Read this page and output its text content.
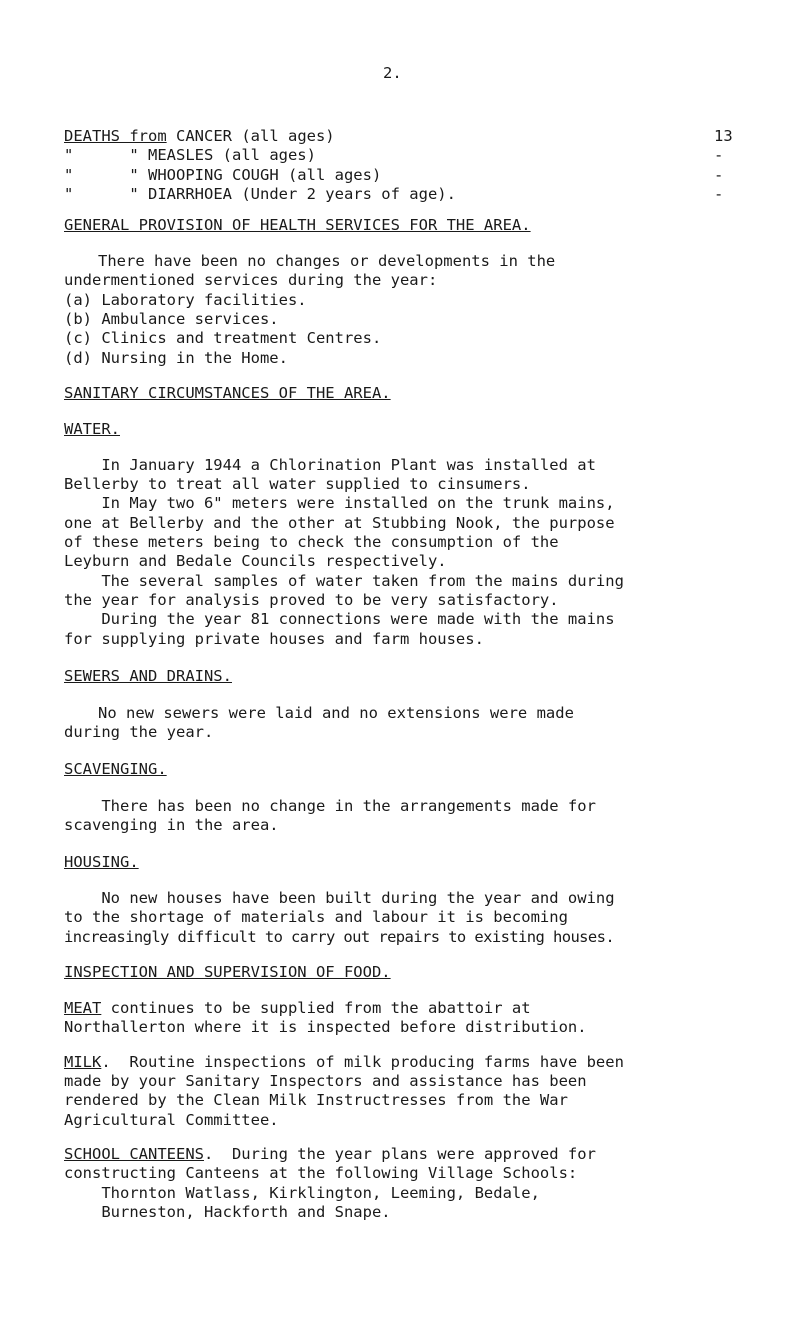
2.
DEATHS from CANCER (all ages)	13
"      " MEASLES (all ages)	-
"      " WHOOPING COUGH (all ages)	-
"      " DIARRHOEA (Under 2 years of age).	-
GENERAL PROVISION OF HEALTH SERVICES FOR THE AREA.
There have been no changes or developments in the
undermentioned services during the year:
(a) Laboratory facilities.
(b) Ambulance services.
(c) Clinics and treatment Centres.
(d) Nursing in the Home.
SANITARY CIRCUMSTANCES OF THE AREA.
WATER.
In January 1944 a Chlorination Plant was installed at
Bellerby to treat all water supplied to cinsumers.
In May two 6" meters were installed on the trunk mains,
one at Bellerby and the other at Stubbing Nook, the purpose
of these meters being to check the consumption of the
Leyburn and Bedale Councils respectively.
The several samples of water taken from the mains during
the year for analysis proved to be very satisfactory.
During the year 81 connections were made with the mains
for supplying private houses and farm houses.
SEWERS AND DRAINS.
No new sewers were laid and no extensions were made
during the year.
SCAVENGING.
There has been no change in the arrangements made for
scavenging in the area.
HOUSING.
No new houses have been built during the year and owing
to the shortage of materials and labour it is becoming
increasingly difficult to carry out repairs to existing houses.
INSPECTION AND SUPERVISION OF FOOD.
MEAT continues to be supplied from the abattoir at
Northallerton where it is inspected before distribution.
MILK.  Routine inspections of milk producing farms have been
made by your Sanitary Inspectors and assistance has been
rendered by the Clean Milk Instructresses from the War
Agricultural Committee.
SCHOOL CANTEENS.  During the year plans were approved for
constructing Canteens at the following Village Schools:
Thornton Watlass, Kirklington, Leeming, Bedale,
Burneston, Hackforth and Snape.
